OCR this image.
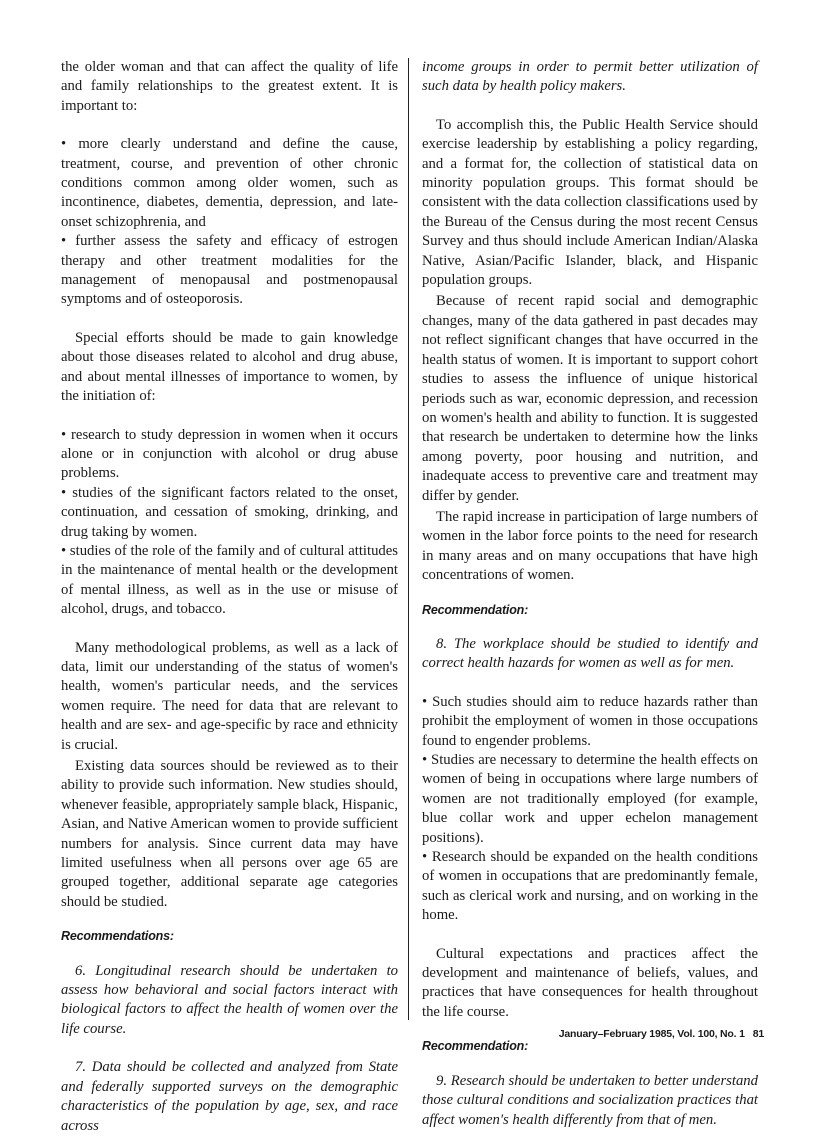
the older woman and that can affect the quality of life and family relationships to the greatest extent. It is important to:

• more clearly understand and define the cause, treatment, course, and prevention of other chronic conditions common among older women, such as incontinence, diabetes, dementia, depression, and late-onset schizophrenia, and

• further assess the safety and efficacy of estrogen therapy and other treatment modalities for the management of menopausal and postmenopausal symptoms and of osteoporosis.

Special efforts should be made to gain knowledge about those diseases related to alcohol and drug abuse, and about mental illnesses of importance to women, by the initiation of:

• research to study depression in women when it occurs alone or in conjunction with alcohol or drug abuse problems.

• studies of the significant factors related to the onset, continuation, and cessation of smoking, drinking, and drug taking by women.

• studies of the role of the family and of cultural attitudes in the maintenance of mental health or the development of mental illness, as well as in the use or misuse of alcohol, drugs, and tobacco.

Many methodological problems, as well as a lack of data, limit our understanding of the status of women's health, women's particular needs, and the services women require. The need for data that are relevant to health and are sex- and age-specific by race and ethnicity is crucial.

Existing data sources should be reviewed as to their ability to provide such information. New studies should, whenever feasible, appropriately sample black, Hispanic, Asian, and Native American women to provide sufficient numbers for analysis. Since current data may have limited usefulness when all persons over age 65 are grouped together, additional separate age categories should be studied.

Recommendations:

6. Longitudinal research should be undertaken to assess how behavioral and social factors interact with biological factors to affect the health of women over the life course.

7. Data should be collected and analyzed from State and federally supported surveys on the demographic characteristics of the population by age, sex, and race across

income groups in order to permit better utilization of such data by health policy makers.

To accomplish this, the Public Health Service should exercise leadership by establishing a policy regarding, and a format for, the collection of statistical data on minority population groups. This format should be consistent with the data collection classifications used by the Bureau of the Census during the most recent Census Survey and thus should include American Indian/Alaska Native, Asian/Pacific Islander, black, and Hispanic population groups.

Because of recent rapid social and demographic changes, many of the data gathered in past decades may not reflect significant changes that have occurred in the health status of women. It is important to support cohort studies to assess the influence of unique historical periods such as war, economic depression, and recession on women's health and ability to function. It is suggested that research be undertaken to determine how the links among poverty, poor housing and nutrition, and inadequate access to preventive care and treatment may differ by gender.

The rapid increase in participation of large numbers of women in the labor force points to the need for research in many areas and on many occupations that have high concentrations of women.

Recommendation:

8. The workplace should be studied to identify and correct health hazards for women as well as for men.

• Such studies should aim to reduce hazards rather than prohibit the employment of women in those occupations found to engender problems.

• Studies are necessary to determine the health effects on women of being in occupations where large numbers of women are not traditionally employed (for example, blue collar work and upper echelon management positions).

• Research should be expanded on the health conditions of women in occupations that are predominantly female, such as clerical work and nursing, and on working in the home.

Cultural expectations and practices affect the development and maintenance of beliefs, values, and practices that have consequences for health throughout the life course.

Recommendation:

9. Research should be undertaken to better understand those cultural conditions and socialization practices that affect women's health differently from that of men.

January–February 1985, Vol. 100, No. 1 81
